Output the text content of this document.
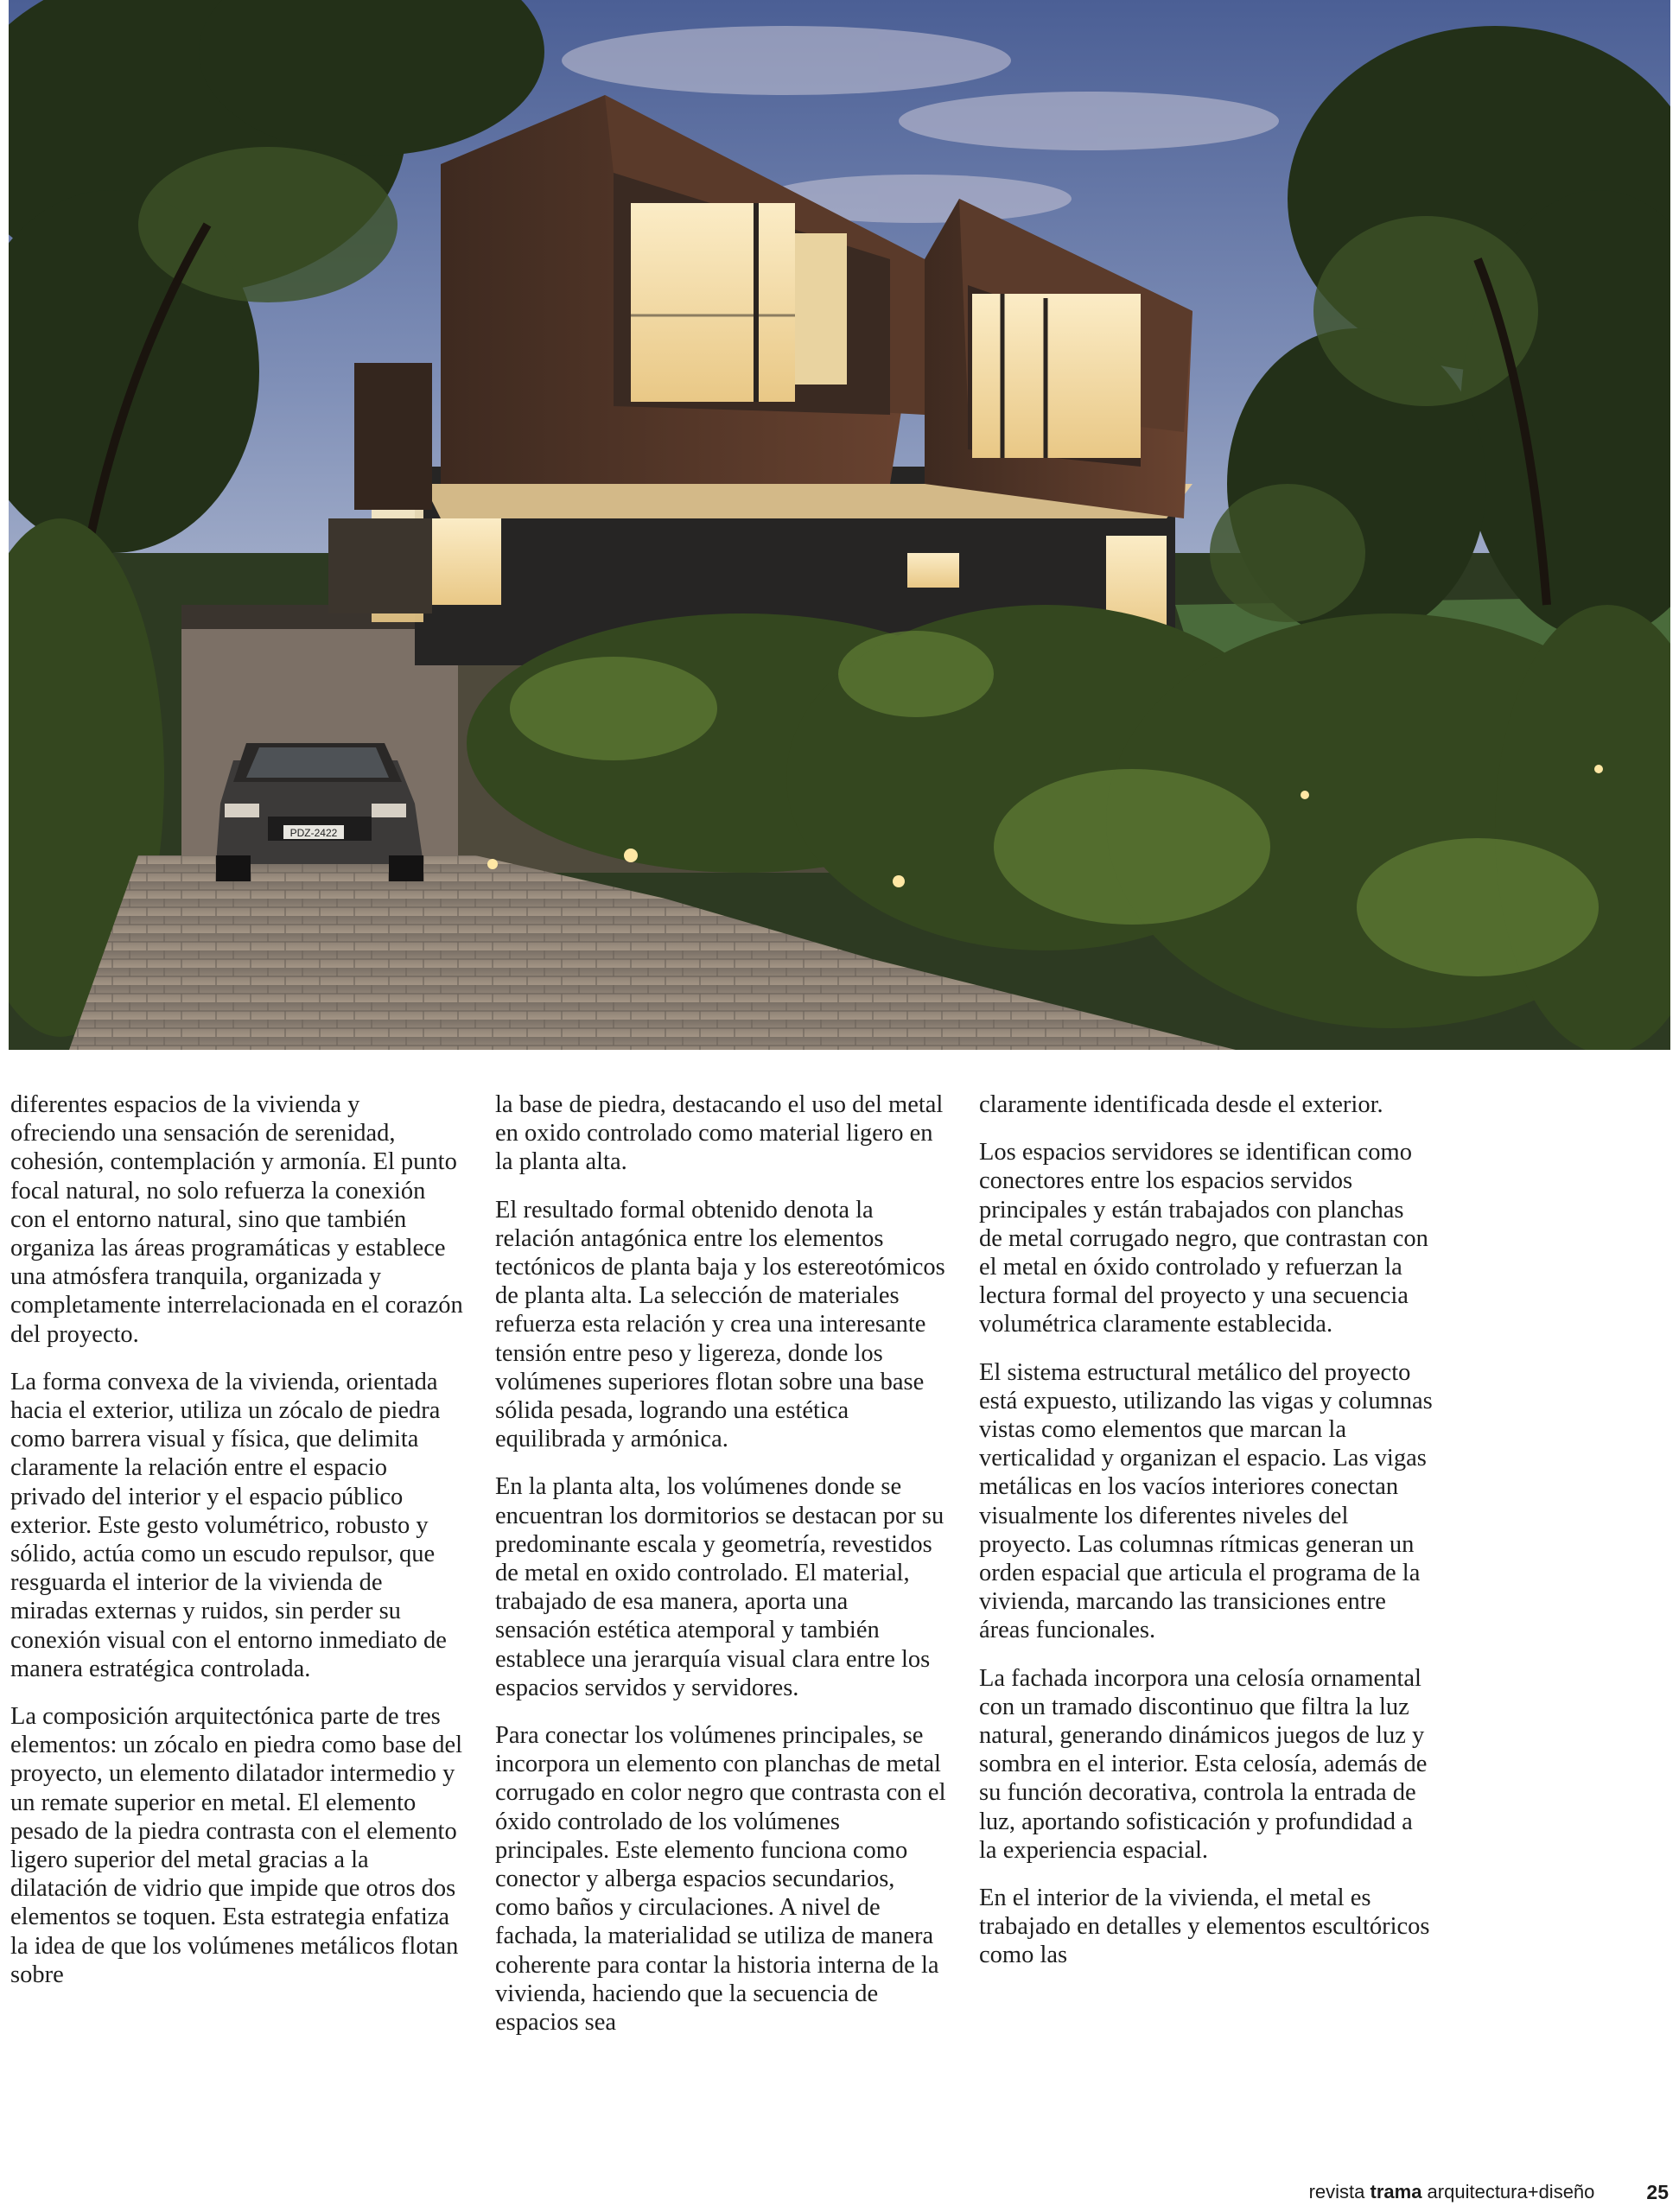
PDZ-2422

diferentes espacios de la vivienda y ofreciendo una sensación de serenidad, cohesión, contemplación y armonía. El punto focal natural, no solo refuerza la conexión con el entorno natural, sino que también organiza las áreas programáticas y establece una atmósfera tranquila, organizada y completamente interrelacionada en el corazón del proyecto.

La forma convexa de la vivienda, orientada hacia el exterior, utiliza un zócalo de piedra como barrera visual y física, que delimita claramente la relación entre el espacio privado del interior y el espacio público exterior. Este gesto volumétrico, robusto y sólido, actúa como un escudo repulsor, que resguarda el interior de la vivienda de miradas externas y ruidos, sin perder su conexión visual con el entorno inmediato de manera estratégica controlada.

La composición arquitectónica parte de tres elementos: un zócalo en piedra como base del proyecto, un elemento dilatador intermedio y un remate superior en metal. El elemento pesado de la piedra contrasta con el elemento ligero superior del metal gracias a la dilatación de vidrio que impide que otros dos elementos se toquen. Esta estrategia enfatiza la idea de que los volúmenes metálicos flotan sobre

la base de piedra, destacando el uso del metal en oxido controlado como material ligero en la planta alta.

El resultado formal obtenido denota la relación antagónica entre los elementos tectónicos de planta baja y los estereotómicos de planta alta. La selección de materiales refuerza esta relación y crea una interesante tensión entre peso y ligereza, donde los volúmenes superiores flotan sobre una base sólida pesada, logrando una estética equilibrada y armónica.

En la planta alta, los volúmenes donde se encuentran los dormitorios se destacan por su predominante escala y geometría, revestidos de metal en oxido controlado. El material, trabajado de esa manera, aporta una sensación estética atemporal y también establece una jerarquía visual clara entre los espacios servidos y servidores.

Para conectar los volúmenes principales, se incorpora un elemento con planchas de metal corrugado en color negro que contrasta con el óxido controlado de los volúmenes principales. Este elemento funciona como conector y alberga espacios secundarios, como baños y circulaciones. A nivel de fachada, la materialidad se utiliza de manera coherente para contar la historia interna de la vivienda, haciendo que la secuencia de espacios sea

claramente identificada desde el exterior.

Los espacios servidores se identifican como conectores entre los espacios servidos principales y están trabajados con planchas de metal corrugado negro, que contrastan con el metal en óxido controlado y refuerzan la lectura formal del proyecto y una secuencia volumétrica claramente establecida.

El sistema estructural metálico del proyecto está expuesto, utilizando las vigas y columnas vistas como elementos que marcan la verticalidad y organizan el espacio. Las vigas metálicas en los vacíos interiores conectan visualmente los diferentes niveles del proyecto. Las columnas rítmicas generan un orden espacial que articula el programa de la vivienda, marcando las transiciones entre áreas funcionales.

La fachada incorpora una celosía ornamental con un tramado discontinuo que filtra la luz natural, generando dinámicos juegos de luz y sombra en el interior. Esta celosía, además de su función decorativa, controla la entrada de luz, aportando sofisticación y profundidad a la experiencia espacial.

En el interior de la vivienda, el metal es trabajado en detalles y elementos escultóricos como las

revista trama arquitectura+diseño	25
